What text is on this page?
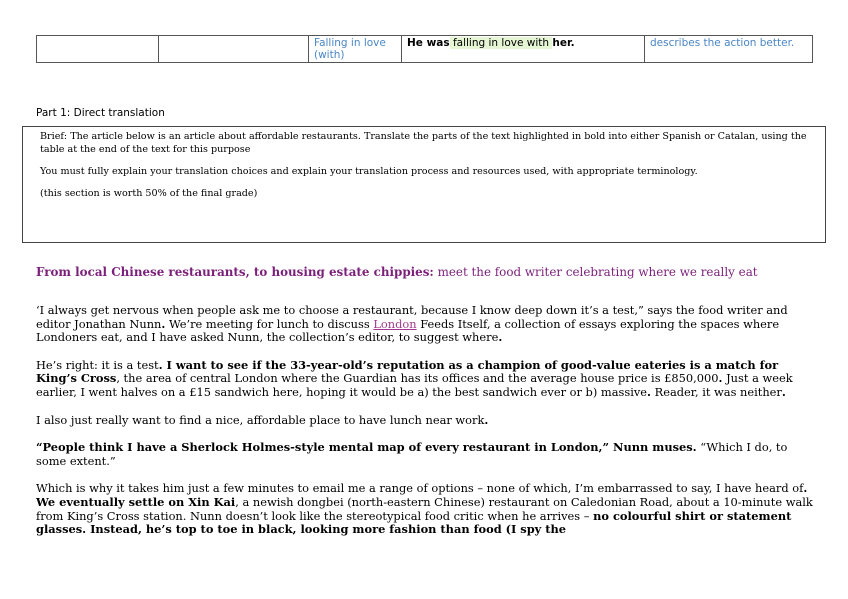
		Falling in love (with)	He was falling in love with her.	describes the action better.
Part 1: Direct translation

Brief: The article below is an article about affordable restaurants. Translate the parts of the text highlighted in bold into either Spanish or Catalan, using the table at the end of the text for this purpose

You must fully explain your translation choices and explain your translation process and resources used, with appropriate terminology.

(this section is worth 50% of the final grade)

From local Chinese restaurants, to housing estate chippies: meet the food writer celebrating where we really eat

‘I always get nervous when people ask me to choose a restaurant, because I know deep down it’s a test,” says the food writer and editor Jonathan Nunn. We’re meeting for lunch to discuss London Feeds Itself, a collection of essays exploring the spaces where Londoners eat, and I have asked Nunn, the collection’s editor, to suggest where.

He’s right: it is a test. I want to see if the 33-year-old’s reputation as a champion of good-value eateries is a match for King’s Cross, the area of central London where the Guardian has its offices and the average house price is £850,000. Just a week earlier, I went halves on a £15 sandwich here, hoping it would be a) the best sandwich ever or b) massive. Reader, it was neither.

I also just really want to find a nice, affordable place to have lunch near work.

“People think I have a Sherlock Holmes-style mental map of every restaurant in London,” Nunn muses. “Which I do, to some extent.”

Which is why it takes him just a few minutes to email me a range of options – none of which, I’m embarrassed to say, I have heard of. We eventually settle on Xin Kai, a newish dongbei (north-eastern Chinese) restaurant on Caledonian Road, about a 10-minute walk from King’s Cross station. Nunn doesn’t look like the stereotypical food critic when he arrives – no colourful shirt or statement glasses. Instead, he’s top to toe in black, looking more fashion than food (I spy the
